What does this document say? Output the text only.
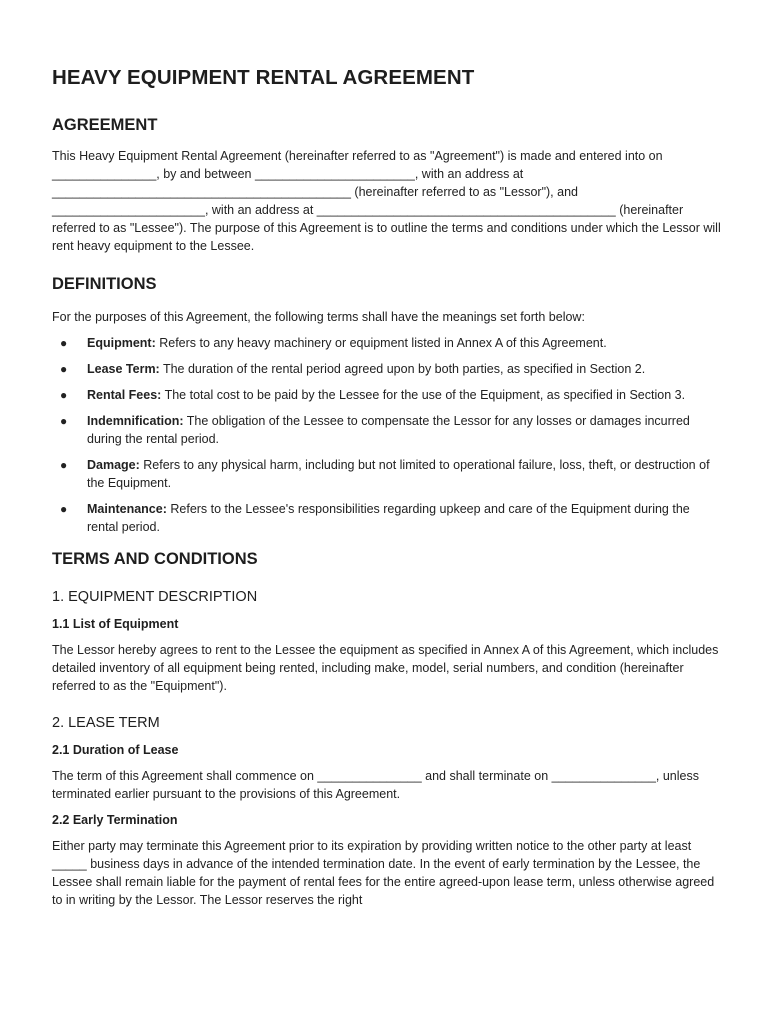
HEAVY EQUIPMENT RENTAL AGREEMENT
AGREEMENT

This Heavy Equipment Rental Agreement (hereinafter referred to as "Agreement") is made and entered into on _______________, by and between _______________________, with an address at ___________________________________________ (hereinafter referred to as "Lessor"), and ______________________, with an address at ___________________________________________ (hereinafter referred to as "Lessee"). The purpose of this Agreement is to outline the terms and conditions under which the Lessor will rent heavy equipment to the Lessee.

DEFINITIONS

For the purposes of this Agreement, the following terms shall have the meanings set forth below:

● Equipment: Refers to any heavy machinery or equipment listed in Annex A of this Agreement.
● Lease Term: The duration of the rental period agreed upon by both parties, as specified in Section 2.
● Rental Fees: The total cost to be paid by the Lessee for the use of the Equipment, as specified in Section 3.
● Indemnification: The obligation of the Lessee to compensate the Lessor for any losses or damages incurred during the rental period.
● Damage: Refers to any physical harm, including but not limited to operational failure, loss, theft, or destruction of the Equipment.
● Maintenance: Refers to the Lessee's responsibilities regarding upkeep and care of the Equipment during the rental period.
TERMS AND CONDITIONS
1. EQUIPMENT DESCRIPTION
1.1 List of Equipment

The Lessor hereby agrees to rent to the Lessee the equipment as specified in Annex A of this Agreement, which includes detailed inventory of all equipment being rented, including make, model, serial numbers, and condition (hereinafter referred to as the "Equipment").

2. LEASE TERM
2.1 Duration of Lease

The term of this Agreement shall commence on _______________ and shall terminate on _______________, unless terminated earlier pursuant to the provisions of this Agreement.

2.2 Early Termination

Either party may terminate this Agreement prior to its expiration by providing written notice to the other party at least _____ business days in advance of the intended termination date. In the event of early termination by the Lessee, the Lessee shall remain liable for the payment of rental fees for the entire agreed-upon lease term, unless otherwise agreed to in writing by the Lessor. The Lessor reserves the right
